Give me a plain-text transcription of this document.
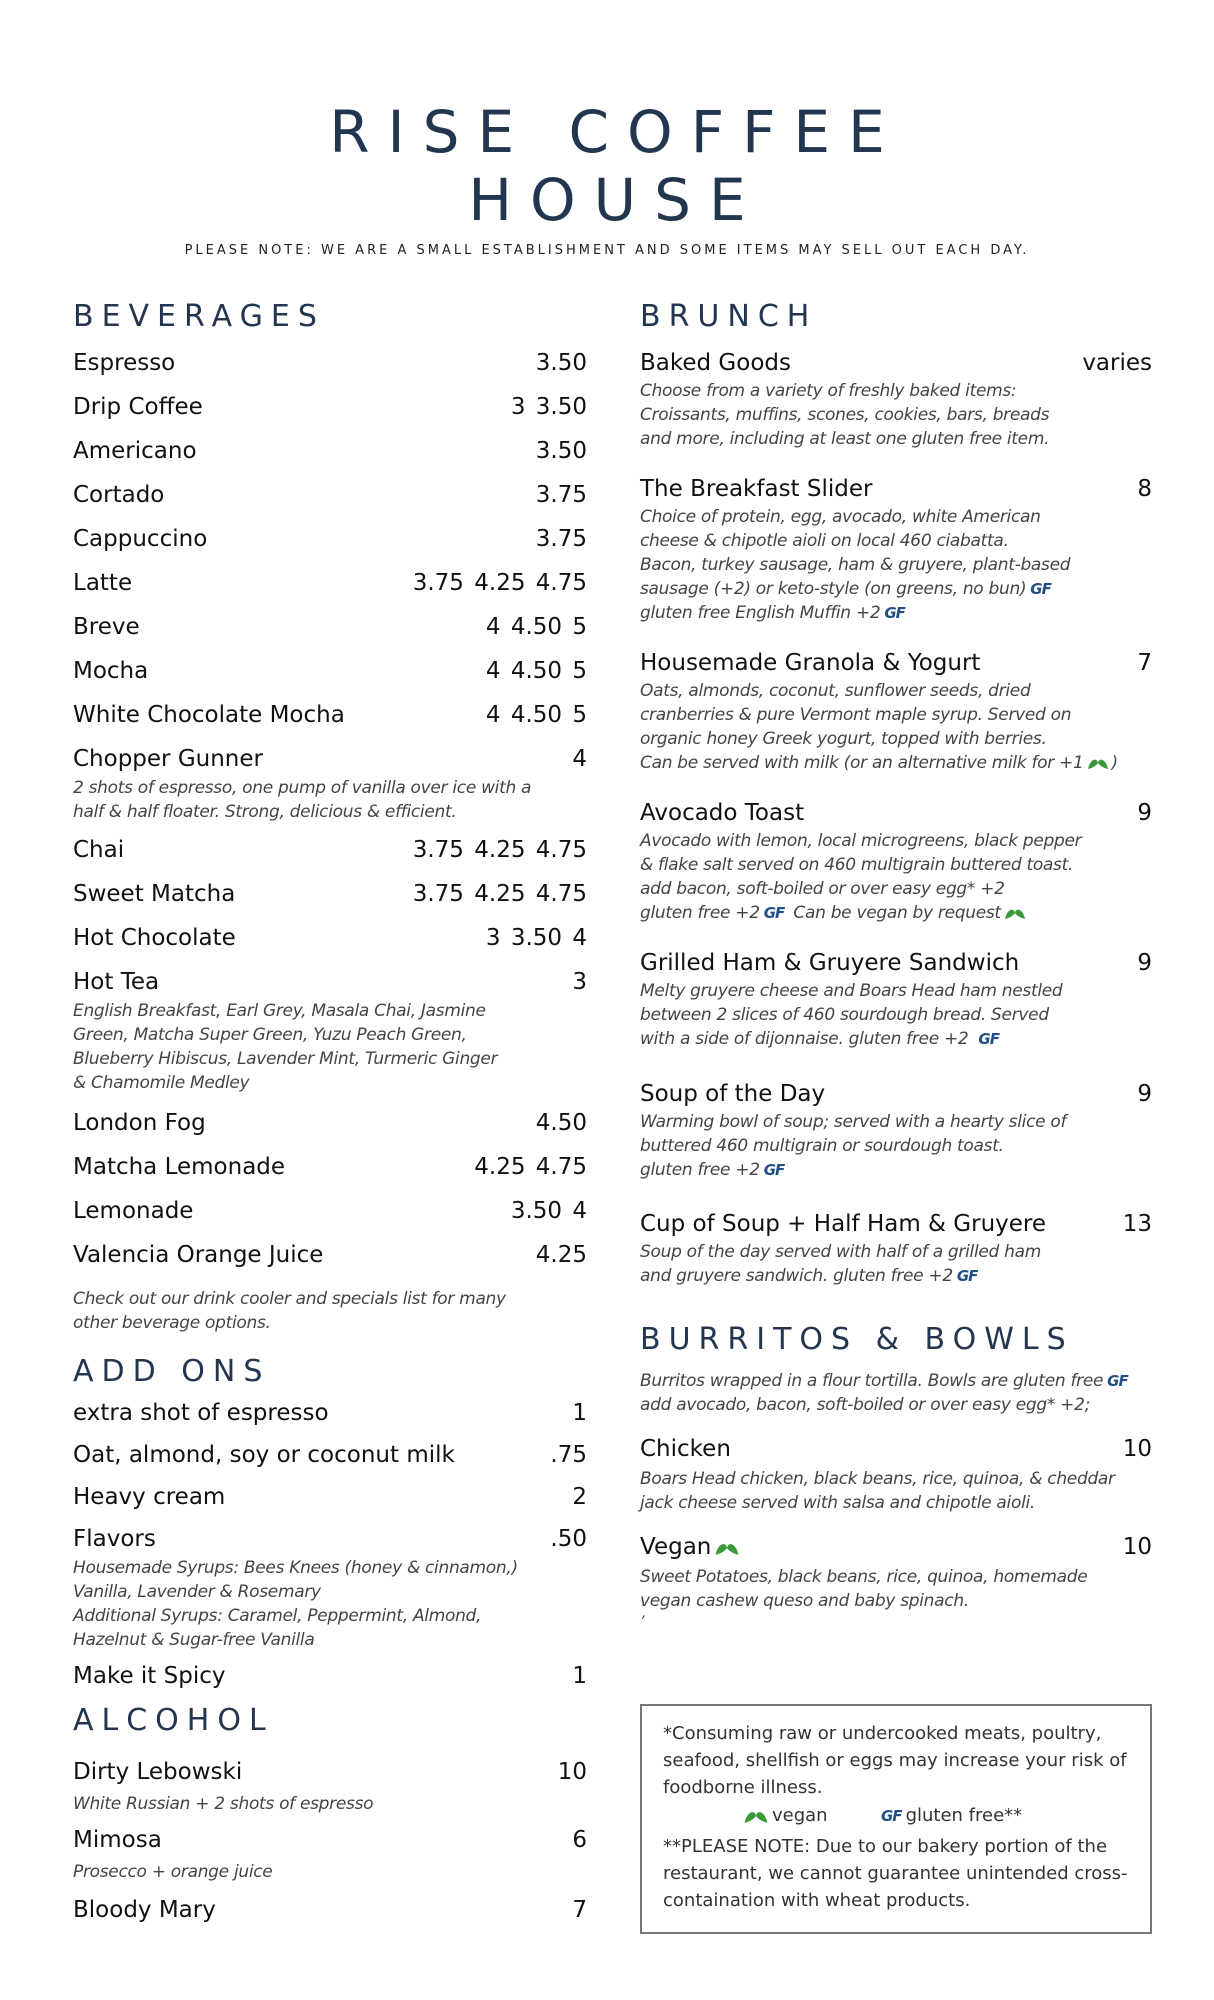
RISE COFFEE
HOUSE
PLEASE NOTE: WE ARE A SMALL ESTABLISHMENT AND SOME ITEMS MAY SELL OUT EACH DAY.
BEVERAGES
Espresso	3.50
Drip Coffee	3 3.50
Americano	3.50
Cortado	3.75
Cappuccino	3.75
Latte	3.75 4.25 4.75
Breve	4 4.50 5
Mocha	4 4.50 5
White Chocolate Mocha	4 4.50 5
Chopper Gunner	4
2 shots of espresso, one pump of vanilla over ice with a
half & half floater. Strong, delicious & efficient.
Chai	3.75 4.25 4.75
Sweet Matcha	3.75 4.25 4.75
Hot Chocolate	3 3.50 4
Hot Tea	3
English Breakfast, Earl Grey, Masala Chai, Jasmine
Green, Matcha Super Green, Yuzu Peach Green,
Blueberry Hibiscus, Lavender Mint, Turmeric Ginger
& Chamomile Medley
London Fog	4.50
Matcha Lemonade	4.25 4.75
Lemonade	3.50 4
Valencia Orange Juice	4.25
Check out our drink cooler and specials list for many
other beverage options.
ADD ONS
extra shot of espresso	1
Oat, almond, soy or coconut milk	.75
Heavy cream	2
Flavors	.50
Housemade Syrups: Bees Knees (honey & cinnamon,)
Vanilla, Lavender & Rosemary
Additional Syrups: Caramel, Peppermint, Almond,
Hazelnut & Sugar-free Vanilla
Make it Spicy	1
ALCOHOL
Dirty Lebowski	10
White Russian + 2 shots of espresso
Mimosa	6
Prosecco + orange juice
Bloody Mary	7
BRUNCH
Baked Goods	varies
Choose from a variety of freshly baked items:
Croissants, muffins, scones, cookies, bars, breads
and more, including at least one gluten free item.
The Breakfast Slider	8
Choice of protein, egg, avocado, white American
cheese & chipotle aioli on local 460 ciabatta.
Bacon, turkey sausage, ham & gruyere, plant-based
sausage (+2) or keto-style (on greens, no bun) GF
gluten free English Muffin +2 GF
Housemade Granola & Yogurt	7
Oats, almonds, coconut, sunflower seeds, dried
cranberries & pure Vermont maple syrup. Served on
organic honey Greek yogurt, topped with berries.
Can be served with milk (or an alternative milk for +1 )
Avocado Toast	9
Avocado with lemon, local microgreens, black pepper
& flake salt served on 460 multigrain buttered toast.
add bacon, soft-boiled or over easy egg* +2
gluten free +2 GF Can be vegan by request
Grilled Ham & Gruyere Sandwich	9
Melty gruyere cheese and Boars Head ham nestled
between 2 slices of 460 sourdough bread. Served
with a side of dijonnaise. gluten free +2 GF
Soup of the Day	9
Warming bowl of soup; served with a hearty slice of
buttered 460 multigrain or sourdough toast.
gluten free +2 GF
Cup of Soup + Half Ham & Gruyere	13
Soup of the day served with half of a grilled ham
and gruyere sandwich. gluten free +2 GF
BURRITOS & BOWLS
Burritos wrapped in a flour tortilla. Bowls are gluten free GF
add avocado, bacon, soft-boiled or over easy egg* +2;
Chicken	10
Boars Head chicken, black beans, rice, quinoa, & cheddar
jack cheese served with salsa and chipotle aioli.
Vegan	10
Sweet Potatoes, black beans, rice, quinoa, homemade
vegan cashew queso and baby spinach.
’
*Consuming raw or undercooked meats, poultry,
seafood, shellfish or eggs may increase your risk of
foodborne illness.
vegan	GF gluten free**
**PLEASE NOTE: Due to our bakery portion of the
restaurant, we cannot guarantee unintended cross-
containation with wheat products.
